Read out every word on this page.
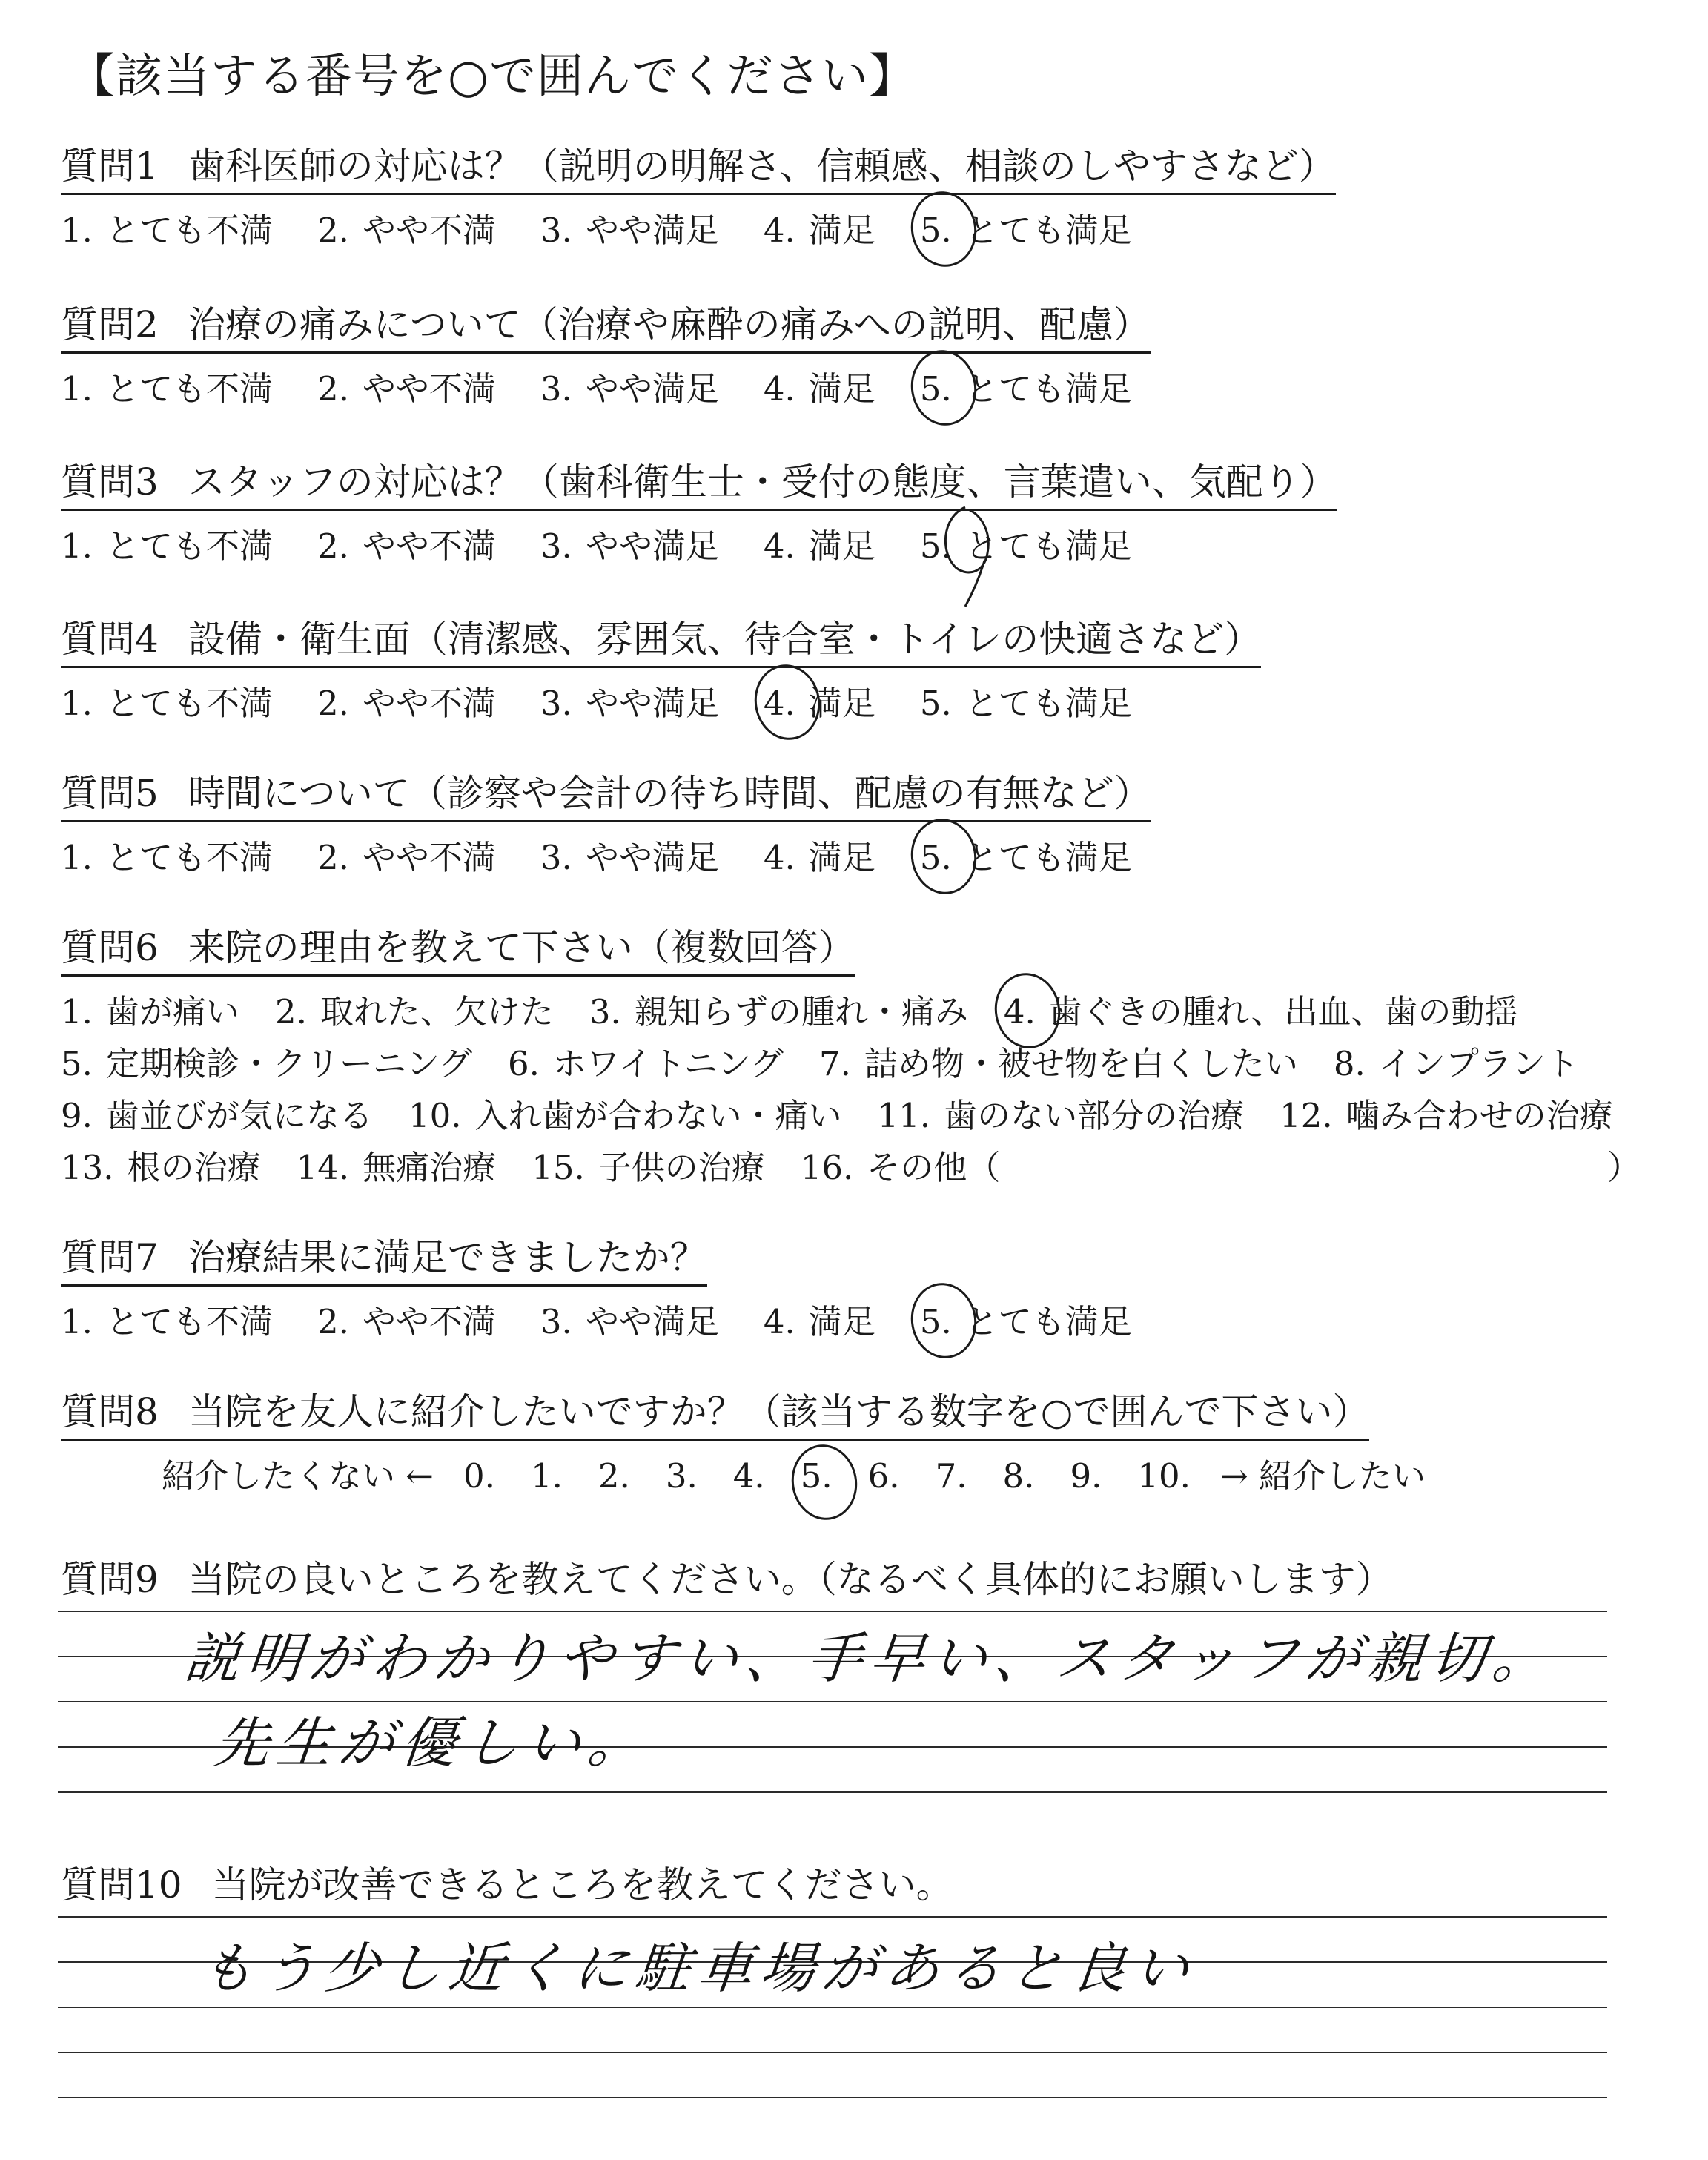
【該当する番号を○で囲んでください】
質問1 歯科医師の対応は？（説明の明解さ、信頼感、相談のしやすさなど）
1. とても不満 2. やや不満 3. やや満足 4. 満足 5. とても満足
質問2 治療の痛みについて（治療や麻酔の痛みへの説明、配慮）
1. とても不満 2. やや不満 3. やや満足 4. 満足 5. とても満足
質問3 スタッフの対応は？（歯科衛生士・受付の態度、言葉遣い、気配り）
1. とても不満 2. やや不満 3. やや満足 4. 満足 5. とても満足
質問4 設備・衛生面（清潔感、雰囲気、待合室・トイレの快適さなど）
1. とても不満 2. やや不満 3. やや満足 4. 満足 5. とても満足
質問5 時間について（診察や会計の待ち時間、配慮の有無など）
1. とても不満 2. やや不満 3. やや満足 4. 満足 5. とても満足
質問6 来院の理由を教えて下さい（複数回答）
1. 歯が痛い 2. 取れた、欠けた 3. 親知らずの腫れ・痛み 4. 歯ぐきの腫れ、出血、歯の動揺
5. 定期検診・クリーニング 6. ホワイトニング 7. 詰め物・被せ物を白くしたい 8. インプラント
9. 歯並びが気になる 10. 入れ歯が合わない・痛い 11. 歯のない部分の治療 12. 噛み合わせの治療
13. 根の治療 14. 無痛治療 15. 子供の治療 16. その他（	）
質問7 治療結果に満足できましたか？
1. とても不満 2. やや不満 3. やや満足 4. 満足 5. とても満足
質問8 当院を友人に紹介したいですか？（該当する数字を○で囲んで下さい）
紹介したくない ← 0. 1. 2. 3. 4. 5. 6. 7. 8. 9. 10. → 紹介したい
質問9 当院の良いところを教えてください。（なるべく具体的にお願いします）
説明がわかりやすい、手早い、スタッフが親切。
先生が優しい。
質問10 当院が改善できるところを教えてください。
もう少し近くに駐車場があると良い
